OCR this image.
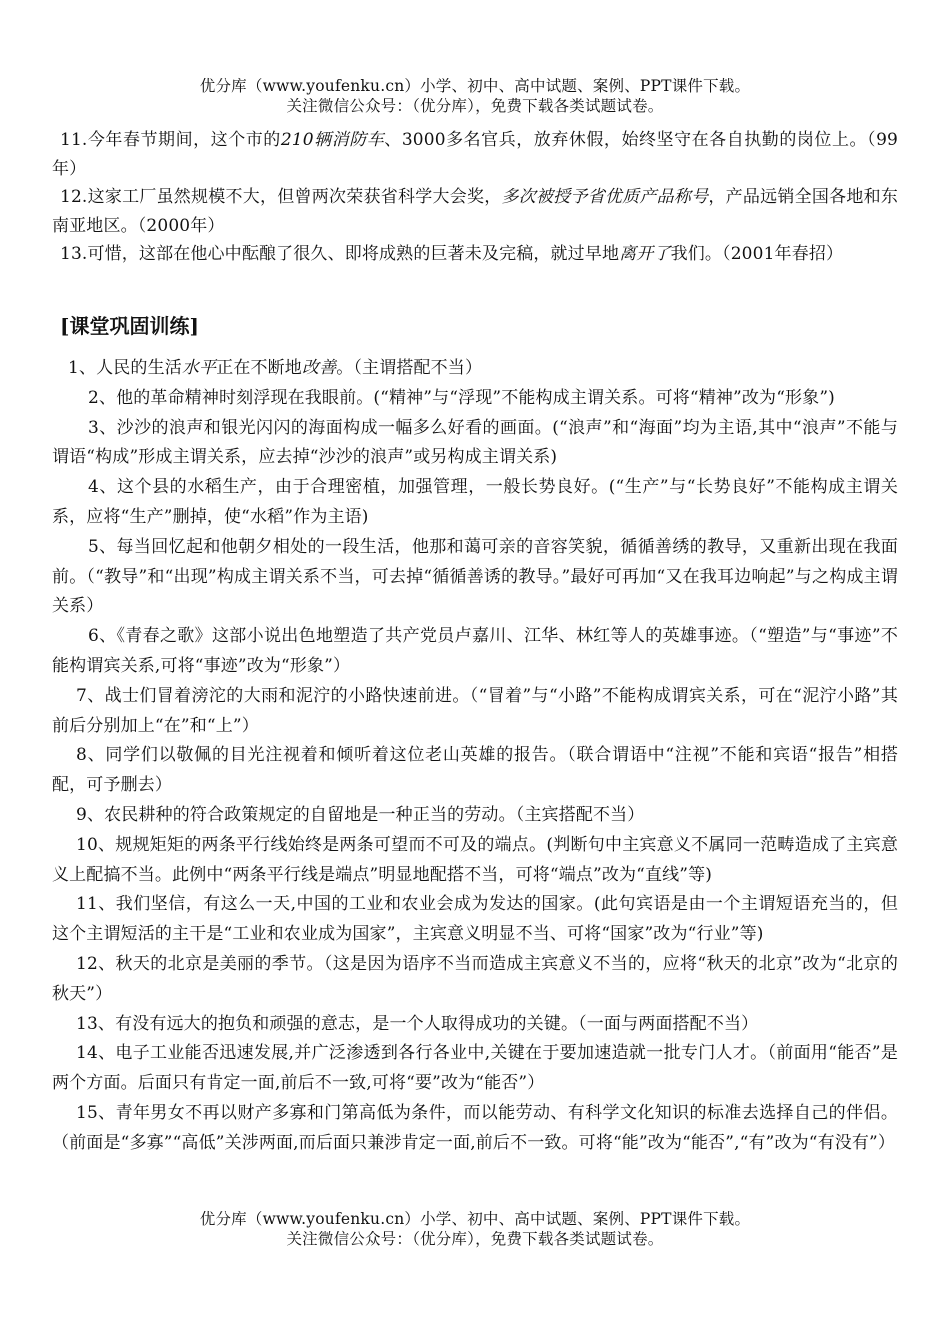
优分库（www.youfenku.cn）小学、初中、高中试题、案例、PPT课件下载。
关注微信公众号：（优分库），免费下载各类试题试卷。

11.今年春节期间，这个市的210辆消防车、3000多名官兵，放弃休假，始终坚守在各自执勤的岗位上。（99年）

12.这家工厂虽然规模不大，但曾两次荣获省科学大会奖，多次被授予省优质产品称号，产品远销全国各地和东南亚地区。（2000年）

13.可惜，这部在他心中酝酿了很久、即将成熟的巨著未及完稿，就过早地离开了我们。（2001年春招）

[课堂巩固训练]

1、人民的生活水平正在不断地改善。（主谓搭配不当）

2、他的革命精神时刻浮现在我眼前。(“精神”与“浮现”不能构成主谓关系。可将“精神”改为“形象”)

3、沙沙的浪声和银光闪闪的海面构成一幅多么好看的画面。(“浪声”和“海面”均为主语,其中“浪声”不能与谓语“构成”形成主谓关系，应去掉“沙沙的浪声”或另构成主谓关系)

4、这个县的水稻生产，由于合理密植，加强管理，一般长势良好。(“生产”与“长势良好”不能构成主谓关系，应将“生产”删掉，使“水稻”作为主语)

5、每当回忆起和他朝夕相处的一段生活，他那和蔼可亲的音容笑貌，循循善绣的教导，又重新出现在我面前。（“教导”和“出现”构成主谓关系不当，可去掉“循循善诱的教导。”最好可再加“又在我耳边响起”与之构成主谓关系）

6、《青春之歌》这部小说出色地塑造了共产党员卢嘉川、江华、林红等人的英雄事迹。（“塑造”与“事迹”不能构谓宾关系,可将“事迹”改为“形象”）

7、战士们冒着滂沱的大雨和泥泞的小路快速前进。（“冒着”与“小路”不能构成谓宾关系，可在“泥泞小路”其前后分别加上“在”和“上”）

8、同学们以敬佩的目光注视着和倾听着这位老山英雄的报告。（联合谓语中“注视”不能和宾语“报告”相搭配，可予删去）

9、农民耕种的符合政策规定的自留地是一种正当的劳动。（主宾搭配不当）

10、规规矩矩的两条平行线始终是两条可望而不可及的端点。(判断句中主宾意义不属同一范畴造成了主宾意义上配搞不当。此例中“两条平行线是端点”明显地配搭不当，可将“端点”改为“直线”等)

11、我们坚信，有这么一天,中国的工业和农业会成为发达的国家。(此句宾语是由一个主谓短语充当的，但这个主谓短活的主干是“工业和农业成为国家”，主宾意义明显不当、可将“国家”改为“行业”等)

12、秋天的北京是美丽的季节。（这是因为语序不当而造成主宾意义不当的，应将“秋天的北京”改为“北京的秋天”）

13、有没有远大的抱负和顽强的意志，是一个人取得成功的关键。（一面与两面搭配不当）

14、电子工业能否迅速发展,并广泛渗透到各行各业中,关键在于要加速造就一批专门人才。（前面用“能否”是两个方面。后面只有肯定一面,前后不一致,可将“要”改为“能否”）

15、青年男女不再以财产多寡和门第高低为条件，而以能劳动、有科学文化知识的标准去选择自己的伴侣。（前面是“多寡”“高低”关涉两面,而后面只兼涉肯定一面,前后不一致。可将“能”改为“能否”,“有”改为“有没有”）

优分库（www.youfenku.cn）小学、初中、高中试题、案例、PPT课件下载。
关注微信公众号：（优分库），免费下载各类试题试卷。
